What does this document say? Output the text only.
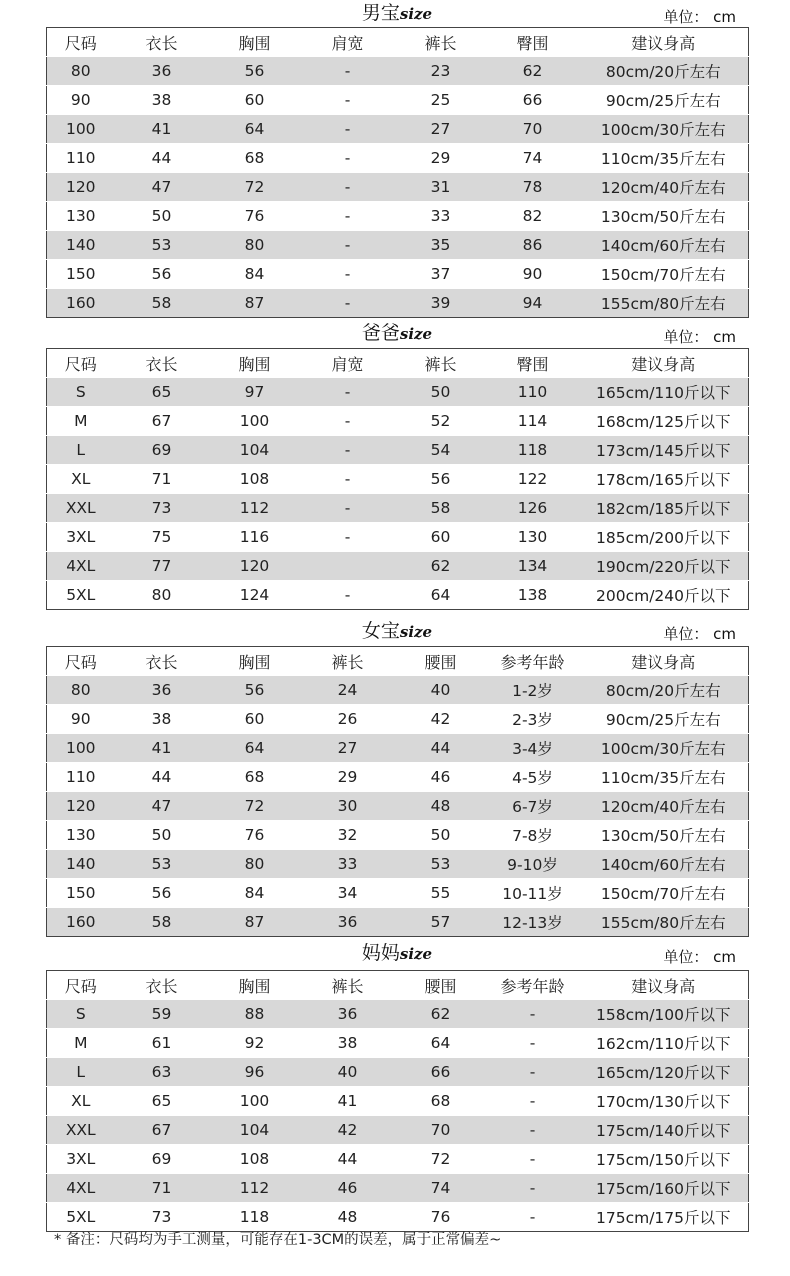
男宝size	单位： cm
尺码	衣长	胸围	肩宽	裤长	臀围	建议身高
80	36	56	-	23	62	80cm/20斤左右
90	38	60	-	25	66	90cm/25斤左右
100	41	64	-	27	70	100cm/30斤左右
110	44	68	-	29	74	110cm/35斤左右
120	47	72	-	31	78	120cm/40斤左右
130	50	76	-	33	82	130cm/50斤左右
140	53	80	-	35	86	140cm/60斤左右
150	56	84	-	37	90	150cm/70斤左右
160	58	87	-	39	94	155cm/80斤左右
爸爸size	单位： cm
尺码	衣长	胸围	肩宽	裤长	臀围	建议身高
S	65	97	-	50	110	165cm/110斤以下
M	67	100	-	52	114	168cm/125斤以下
L	69	104	-	54	118	173cm/145斤以下
XL	71	108	-	56	122	178cm/165斤以下
XXL	73	112	-	58	126	182cm/185斤以下
3XL	75	116	-	60	130	185cm/200斤以下
4XL	77	120		62	134	190cm/220斤以下
5XL	80	124	-	64	138	200cm/240斤以下
女宝size	单位： cm
尺码	衣长	胸围	裤长	腰围	参考年龄	建议身高
80	36	56	24	40	1-2岁	80cm/20斤左右
90	38	60	26	42	2-3岁	90cm/25斤左右
100	41	64	27	44	3-4岁	100cm/30斤左右
110	44	68	29	46	4-5岁	110cm/35斤左右
120	47	72	30	48	6-7岁	120cm/40斤左右
130	50	76	32	50	7-8岁	130cm/50斤左右
140	53	80	33	53	9-10岁	140cm/60斤左右
150	56	84	34	55	10-11岁	150cm/70斤左右
160	58	87	36	57	12-13岁	155cm/80斤左右
妈妈size	单位： cm
尺码	衣长	胸围	裤长	腰围	参考年龄	建议身高
S	59	88	36	62	-	158cm/100斤以下
M	61	92	38	64	-	162cm/110斤以下
L	63	96	40	66	-	165cm/120斤以下
XL	65	100	41	68	-	170cm/130斤以下
XXL	67	104	42	70	-	175cm/140斤以下
3XL	69	108	44	72	-	175cm/150斤以下
4XL	71	112	46	74	-	175cm/160斤以下
5XL	73	118	48	76	-	175cm/175斤以下
* 备注：尺码均为手工测量，可能存在1-3CM的误差，属于正常偏差~
